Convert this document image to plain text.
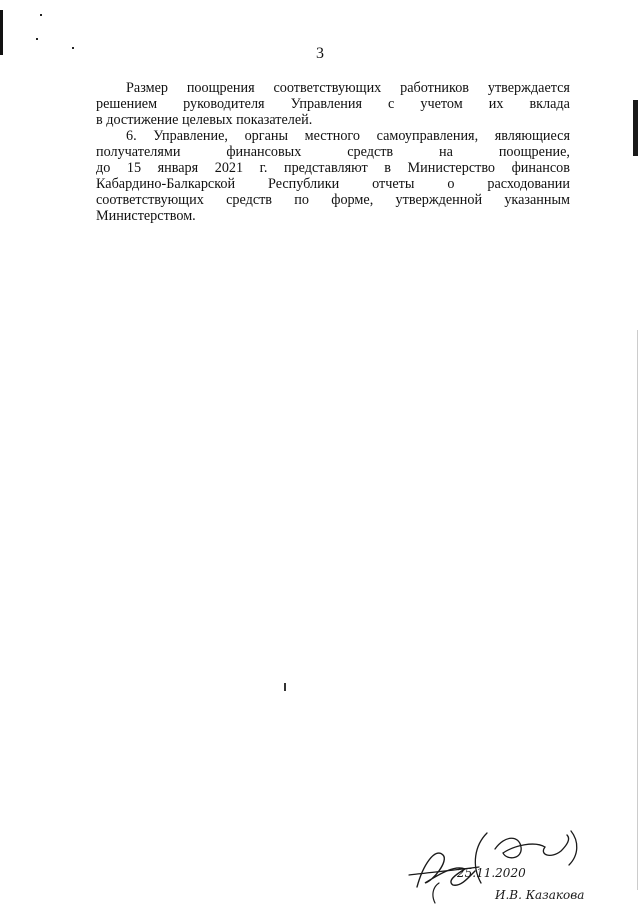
3
Размер поощрения соответствующих работников утверждается
решением руководителя Управления с учетом их вклада
в достижение целевых показателей.
6. Управление, органы местного самоуправления, являющиеся
получателями	финансовых	средств	на	поощрение,
до 15 января 2021 г. представляют в Министерство финансов
Кабардино-Балкарской Республики отчеты о расходовании
соответствующих средств по форме, утвержденной указанным
Министерством.
25.11.2020
И.В. Казакова
